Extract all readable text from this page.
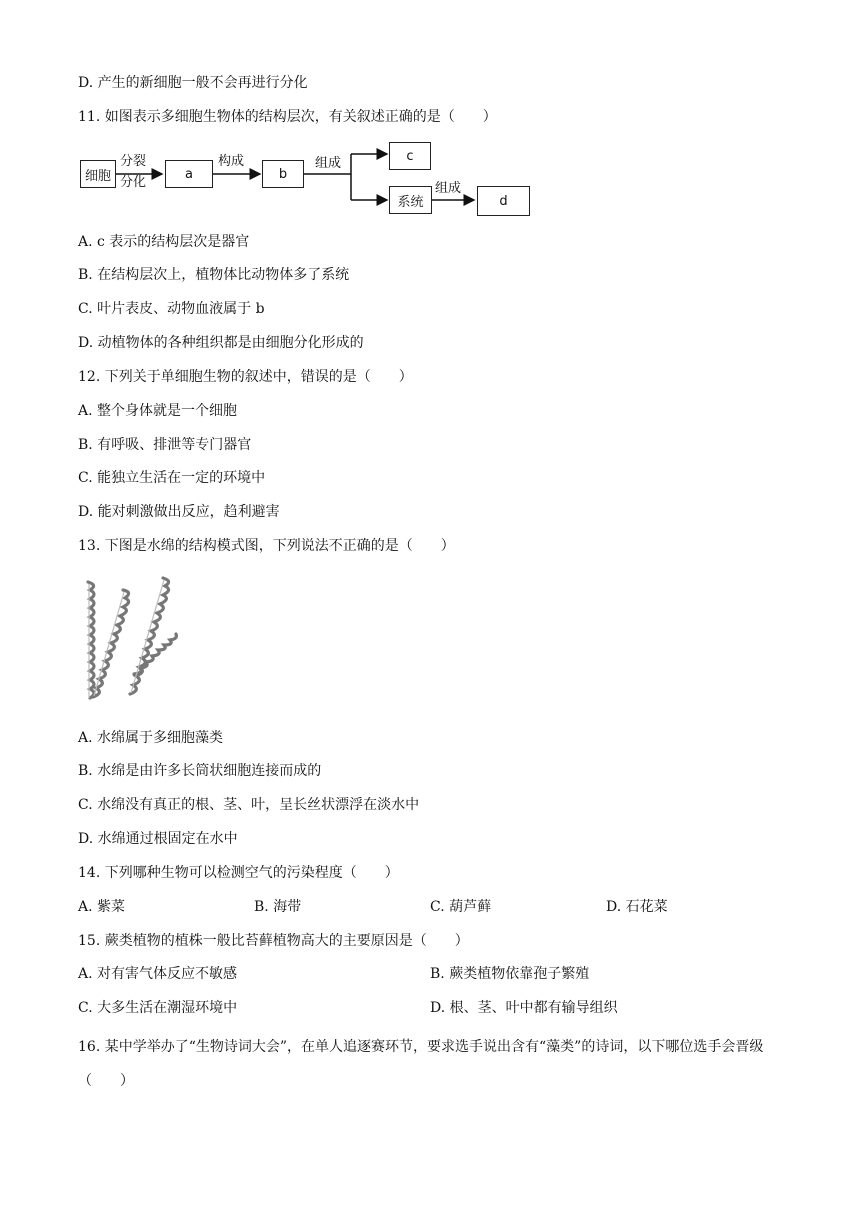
D. 产生的新细胞一般不会再进行分化
11. 如图表示多细胞生物体的结构层次，有关叙述正确的是（　　）
细胞
分裂
分化
a
构成
b
组成	c
系统
组成
d
A. c 表示的结构层次是器官
B. 在结构层次上，植物体比动物体多了系统
C. 叶片表皮、动物血液属于 b
D. 动植物体的各种组织都是由细胞分化形成的
12. 下列关于单细胞生物的叙述中，错误的是（　　）
A. 整个身体就是一个细胞
B. 有呼吸、排泄等专门器官
C. 能独立生活在一定的环境中
D. 能对刺激做出反应，趋利避害
13. 下图是水绵的结构模式图，下列说法不正确的是（　　）
A. 水绵属于多细胞藻类
B. 水绵是由许多长筒状细胞连接而成的
C. 水绵没有真正的根、茎、叶，呈长丝状漂浮在淡水中
D. 水绵通过根固定在水中
14. 下列哪种生物可以检测空气的污染程度（　　）
A. 紫菜	B. 海带	C. 葫芦藓	D. 石花菜
15. 蕨类植物的植株一般比苔藓植物高大的主要原因是（　　）
A. 对有害气体反应不敏感	B. 蕨类植物依靠孢子繁殖
C. 大多生活在潮湿环境中	D. 根、茎、叶中都有输导组织
16. 某中学举办了“生物诗词大会”，在单人追逐赛环节，要求选手说出含有“藻类”的诗词，以下哪位选手会晋级（　　）
